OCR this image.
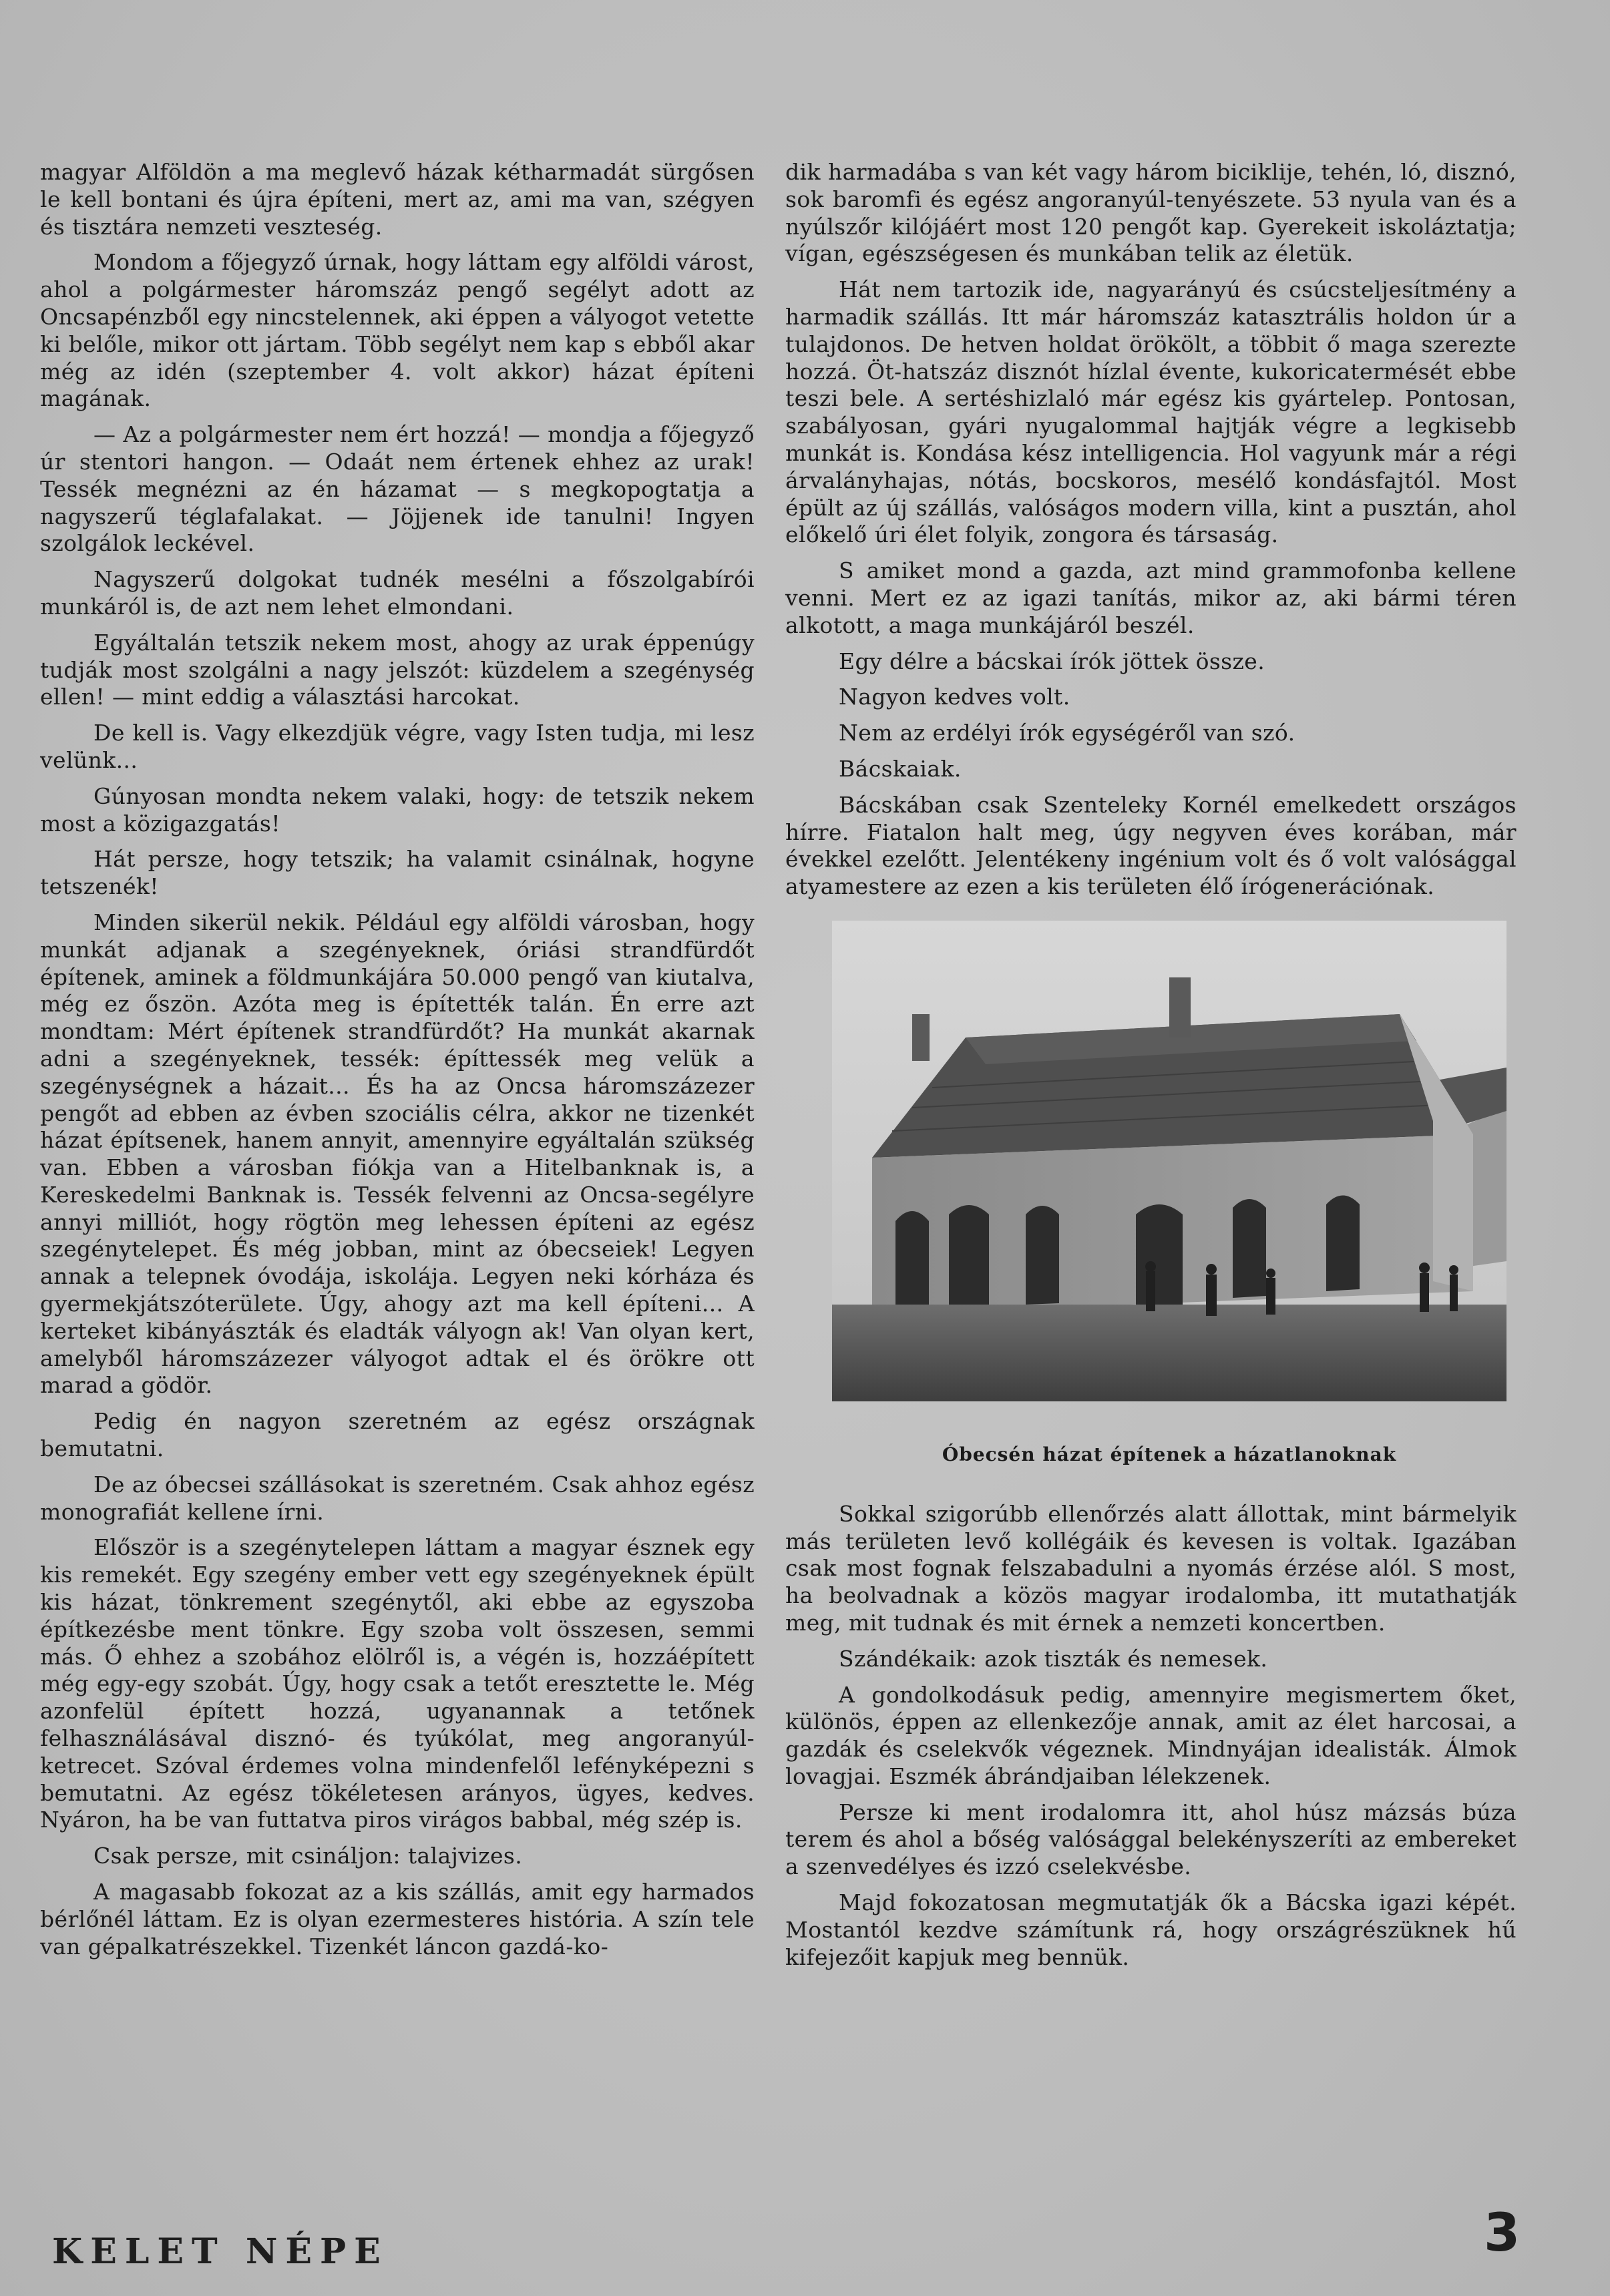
magyar Alföldön a ma meglevő házak kétharmadát sürgősen le kell bontani és újra építeni, mert az, ami ma van, szégyen és tisztára nemzeti veszteség.

Mondom a főjegyző úrnak, hogy láttam egy alföldi várost, ahol a polgármester háromszáz pengő segélyt adott az Oncsapénzből egy nincstelennek, aki éppen a vályogot vetette ki belőle, mikor ott jártam. Több segélyt nem kap s ebből akar még az idén (szeptember 4. volt akkor) házat építeni magának.

— Az a polgármester nem ért hozzá! — mondja a főjegyző úr stentori hangon. — Odaát nem értenek ehhez az urak! Tessék megnézni az én házamat — s megkopogtatja a nagyszerű téglafalakat. — Jöjjenek ide tanulni! Ingyen szolgálok leckével.

Nagyszerű dolgokat tudnék mesélni a főszolgabírói munkáról is, de azt nem lehet elmondani.

Egyáltalán tetszik nekem most, ahogy az urak éppenúgy tudják most szolgálni a nagy jelszót: küzdelem a szegénység ellen! — mint eddig a választási harcokat.

De kell is. Vagy elkezdjük végre, vagy Isten tudja, mi lesz velünk...

Gúnyosan mondta nekem valaki, hogy: de tetszik nekem most a közigazgatás!

Hát persze, hogy tetszik; ha valamit csinálnak, hogyne tetszenék!

Minden sikerül nekik. Például egy alföldi városban, hogy munkát adjanak a szegényeknek, óriási strandfürdőt építenek, aminek a földmunkájára 50.000 pengő van kiutalva, még ez őszön. Azóta meg is építették talán. Én erre azt mondtam: Mért építenek strandfürdőt? Ha munkát akarnak adni a szegényeknek, tessék: építtessék meg velük a szegénységnek a házait... És ha az Oncsa háromszázezer pengőt ad ebben az évben szociális célra, akkor ne tizenkét házat építsenek, hanem annyit, amennyire egyáltalán szükség van. Ebben a városban fiókja van a Hitelbanknak is, a Kereskedelmi Banknak is. Tessék felvenni az Oncsa-segélyre annyi milliót, hogy rögtön meg lehessen építeni az egész szegénytelepet. És még jobban, mint az óbecseiek! Legyen annak a telepnek óvodája, iskolája. Legyen neki kórháza és gyermekjátszóterülete. Úgy, ahogy azt ma kell építeni... A kerteket kibányászták és eladták vályogn ak! Van olyan kert, amelyből háromszázezer vályogot adtak el és örökre ott marad a gödör.

Pedig én nagyon szeretném az egész országnak bemutatni.

De az óbecsei szállásokat is szeretném. Csak ahhoz egész monografiát kellene írni.

Először is a szegénytelepen láttam a magyar észnek egy kis remekét. Egy szegény ember vett egy szegényeknek épült kis házat, tönkrement szegénytől, aki ebbe az egyszoba építkezésbe ment tönkre. Egy szoba volt összesen, semmi más. Ő ehhez a szobához elölről is, a végén is, hozzáépített még egy-egy szobát. Úgy, hogy csak a tetőt eresztette le. Még azonfelül épített hozzá, ugyanannak a tetőnek felhasználásával disznó- és tyúkólat, meg angoranyúl-ketrecet. Szóval érdemes volna mindenfelől lefényképezni s bemutatni. Az egész tökéletesen arányos, ügyes, kedves. Nyáron, ha be van futtatva piros virágos babbal, még szép is.

Csak persze, mit csináljon: talajvizes.

A magasabb fokozat az a kis szállás, amit egy harmados bérlőnél láttam. Ez is olyan ezermesteres história. A szín tele van gépalkatrészekkel. Tizenkét láncon gazdá-ko-

dik harmadába s van két vagy három biciklije, tehén, ló, disznó, sok baromfi és egész angoranyúl-tenyészete. 53 nyula van és a nyúlszőr kilójáért most 120 pengőt kap. Gyerekeit iskoláztatja; vígan, egészségesen és munkában telik az életük.

Hát nem tartozik ide, nagyarányú és csúcsteljesítmény a harmadik szállás. Itt már háromszáz katasztrális holdon úr a tulajdonos. De hetven holdat örökölt, a többit ő maga szerezte hozzá. Öt-hatszáz disznót hízlal évente, kukoricatermését ebbe teszi bele. A sertéshizlaló már egész kis gyártelep. Pontosan, szabályosan, gyári nyugalommal hajtják végre a legkisebb munkát is. Kondása kész intelligencia. Hol vagyunk már a régi árvalányhajas, nótás, bocskoros, mesélő kondásfajtól. Most épült az új szállás, valóságos modern villa, kint a pusztán, ahol előkelő úri élet folyik, zongora és társaság.

S amiket mond a gazda, azt mind grammofonba kellene venni. Mert ez az igazi tanítás, mikor az, aki bármi téren alkotott, a maga munkájáról beszél.

Egy délre a bácskai írók jöttek össze.

Nagyon kedves volt.

Nem az erdélyi írók egységéről van szó.

Bácskaiak.

Bácskában csak Szenteleky Kornél emelkedett országos hírre. Fiatalon halt meg, úgy negyven éves korában, már évekkel ezelőtt. Jelentékeny ingénium volt és ő volt valósággal atyamestere az ezen a kis területen élő írógenerációnak.

Óbecsén házat építenek a házatlanoknak

Sokkal szigorúbb ellenőrzés alatt állottak, mint bármelyik más területen levő kollégáik és kevesen is voltak. Igazában csak most fognak felszabadulni a nyomás érzése alól. S most, ha beolvadnak a közös magyar irodalomba, itt mutathatják meg, mit tudnak és mit érnek a nemzeti koncertben.

Szándékaik: azok tiszták és nemesek.

A gondolkodásuk pedig, amennyire megismertem őket, különös, éppen az ellenkezője annak, amit az élet harcosai, a gazdák és cselekvők végeznek. Mindnyájan idealisták. Álmok lovagjai. Eszmék ábrándjaiban lélekzenek.

Persze ki ment irodalomra itt, ahol húsz mázsás búza terem és ahol a bőség valósággal belekényszeríti az embereket a szenvedélyes és izzó cselekvésbe.

Majd fokozatosan megmutatják ők a Bácska igazi képét. Mostantól kezdve számítunk rá, hogy országrészüknek hű kifejezőit kapjuk meg bennük.

KELET NÉPE	3
